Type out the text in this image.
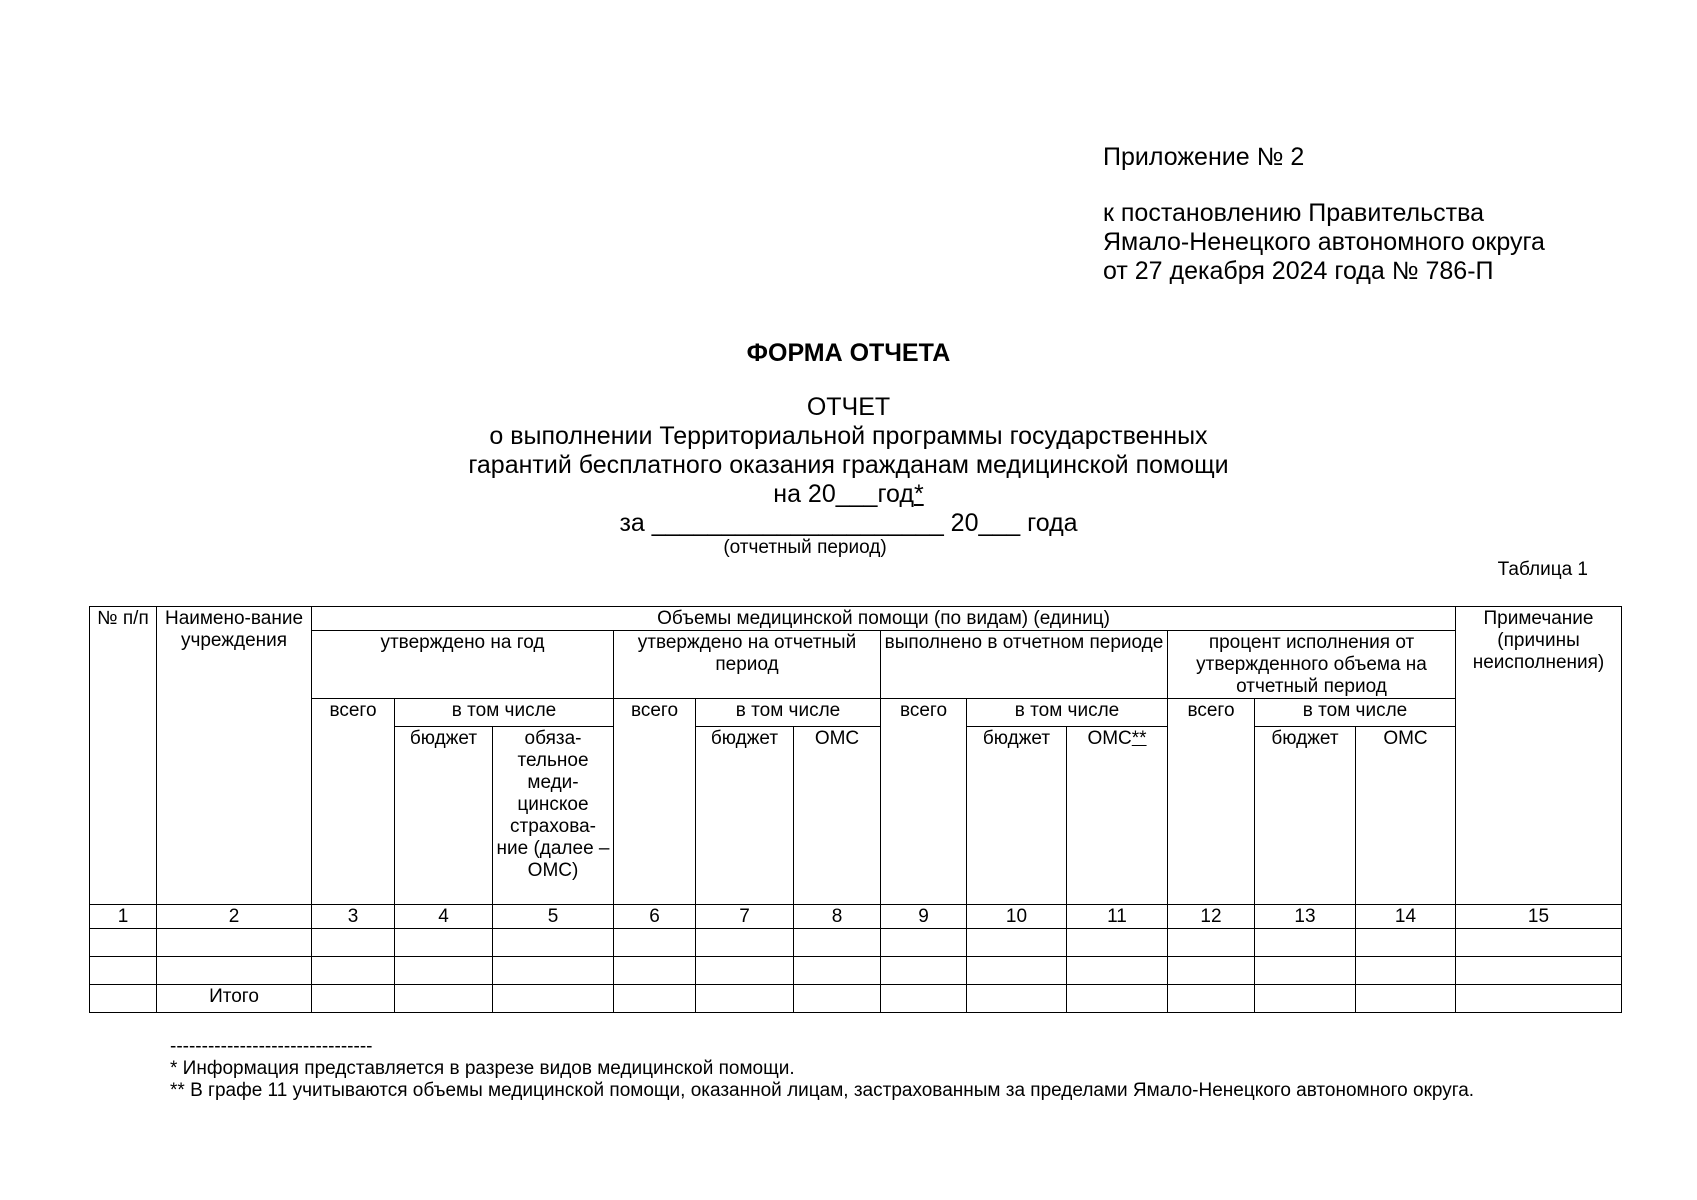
Приложение № 2
к постановлению Правительства
Ямало-Ненецкого автономного округа
от 27 декабря 2024 года № 786-П
ФОРМА ОТЧЕТА
ОТЧЕТ
о выполнении Территориальной программы государственных
гарантий бесплатного оказания гражданам медицинской помощи
на 20___год*
за _____________________ 20___ года
(отчетный период)
Таблица 1
№ п/п	Наимено-вание учреждения	Объемы медицинской помощи (по видам) (единиц)												Примечание (причины неисполнения)
		утверждено на год			утверждено на отчетный период			выполнено в отчетном периоде			процент исполнения от утвержденного объема на отчетный период			
		всего	в том числе		всего	в том числе		всего	в том числе		всего	в том числе		
			бюджет	обяза-тельное меди-цинское страхова-ние (далее – ОМС)		бюджет	ОМС		бюджет	ОМС**		бюджет	ОМС	
1	2	3	4	5	6	7	8	9	10	11	12	13	14	15

	Итого													
--------------------------------
* Информация представляется в разрезе видов медицинской помощи.
** В графе 11 учитываются объемы медицинской помощи, оказанной лицам, застрахованным за пределами Ямало-Ненецкого автономного округа.
